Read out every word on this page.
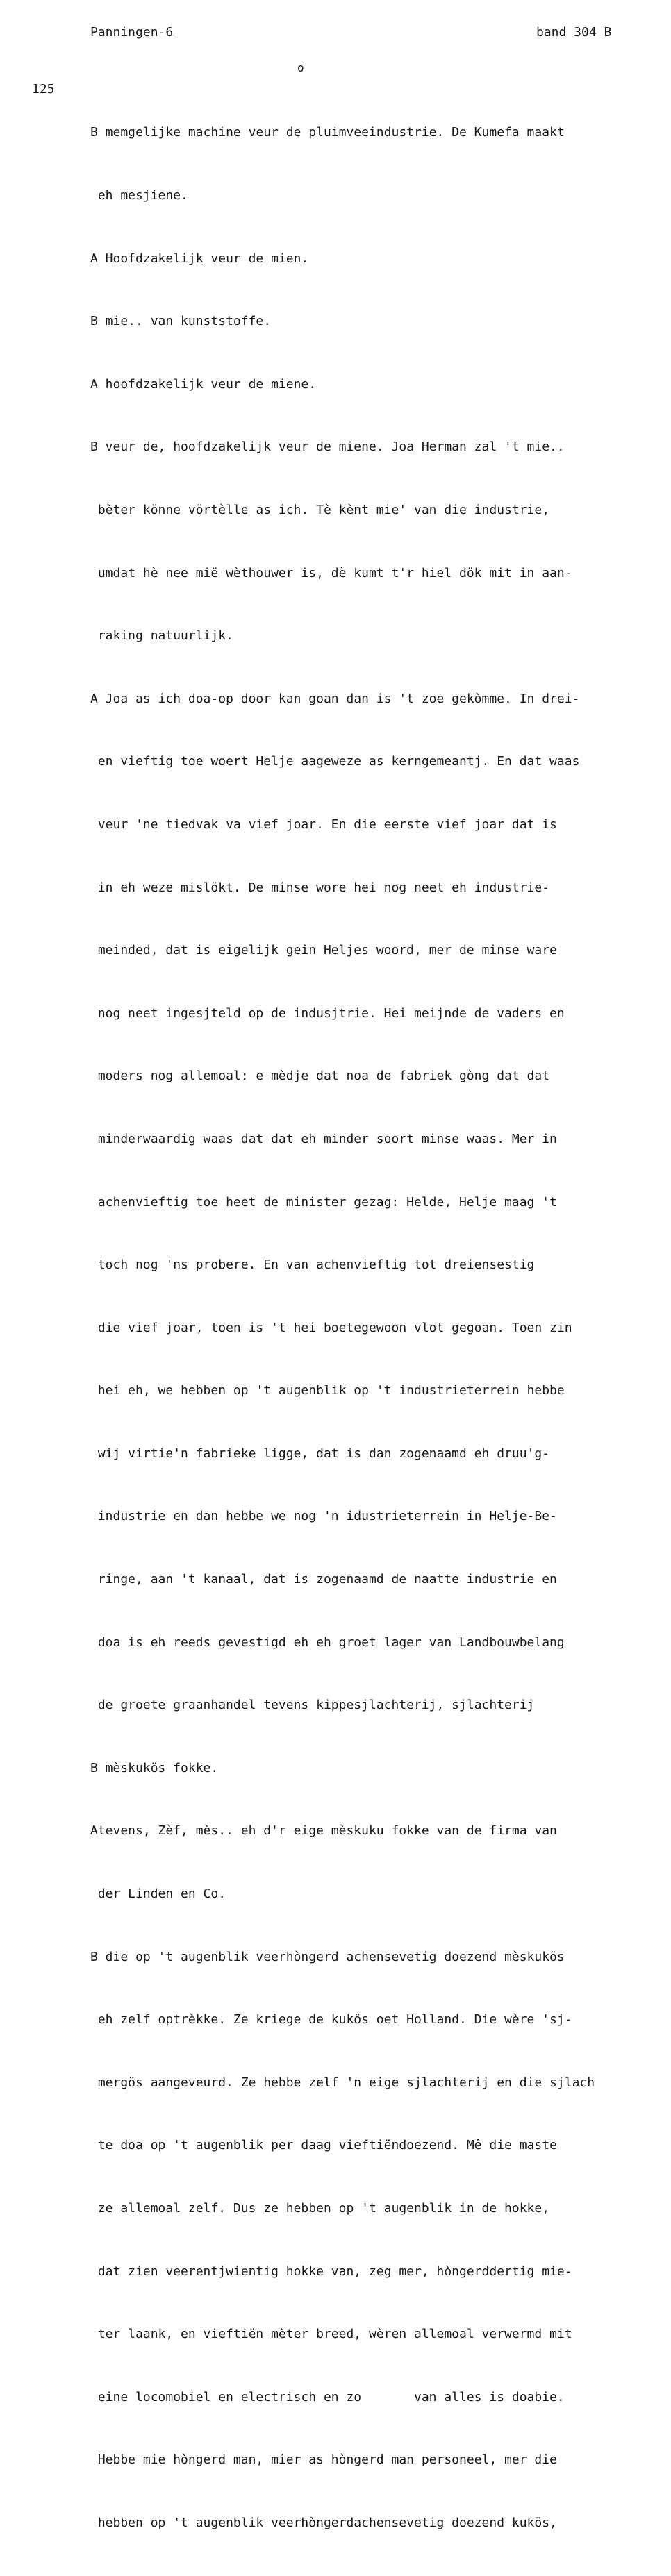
Panningen-6	band 304 B
o
125

B memgelijke machine veur de pluimveeindustrie. De Kumefa maakt

eh mesjiene.

A Hoofdzakelijk veur de mien.

B mie.. van kunststoffe.

A hoofdzakelijk veur de miene.

B veur de, hoofdzakelijk veur de miene. Joa Herman zal 't mie..

bèter könne vörtèlle as ich. Tè kènt mie' van die industrie,

umdat hè nee mië wèthouwer is, dè kumt t'r hiel dök mit in aan-

raking natuurlijk.

A Joa as ich doa-op door kan goan dan is 't zoe gekòmme. In drei-

en vieftig toe woert Helje aageweze as kerngemeantj. En dat waas

veur 'ne tiedvak va vief joar. En die eerste vief joar dat is

in eh weze mislökt. De minse wore hei nog neet eh industrie-

meinded, dat is eigelijk gein Heljes woord, mer de minse ware

nog neet ingesjteld op de indusjtrie. Hei meijnde de vaders en

moders nog allemoal: e mèdje dat noa de fabriek gòng dat dat

minderwaardig waas dat dat eh minder soort minse waas. Mer in

achenvieftig toe heet de minister gezag: Helde, Helje maag 't

toch nog 'ns probere. En van achenvieftig tot dreiensestig

die vief joar, toen is 't hei boetegewoon vlot gegoan. Toen zin

hei eh, we hebben op 't augenblik op 't industrieterrein hebbe

wij virtie'n fabrieke ligge, dat is dan zogenaamd eh druu'g-

industrie en dan hebbe we nog 'n idustrieterrein in Helje-Be-

ringe, aan 't kanaal, dat is zogenaamd de naatte industrie en

doa is eh reeds gevestigd eh eh groet lager van Landbouwbelang

de groete graanhandel tevens kippesjlachterij, sjlachterij

B mèskukös fokke.

Atevens, Zèf, mès.. eh d'r eige mèskuku fokke van de firma van

der Linden en Co.

B die op 't augenblik veerhòngerd achensevetig doezend mèskukös

eh zelf optrèkke. Ze kriege de kukös oet Holland. Die wère 'sj-

mergös aangeveurd. Ze hebbe zelf 'n eige sjlachterij en die sjlach

te doa op 't augenblik per daag vieftiëndoezend. Mê die maste

ze allemoal zelf. Dus ze hebben op 't augenblik in de hokke,

dat zien veerentjwientig hokke van, zeg mer, hòngerddertig mie-

ter laank, en vieftiën mèter breed, wèren allemoal verwermd mit

eine locomobiel en electrisch en zo       van alles is doabie.

Hebbe mie hòngerd man, mier as hòngerd man personeel, mer die

hebben op 't augenblik veerhòngerdachensevetig doezend kukös,
